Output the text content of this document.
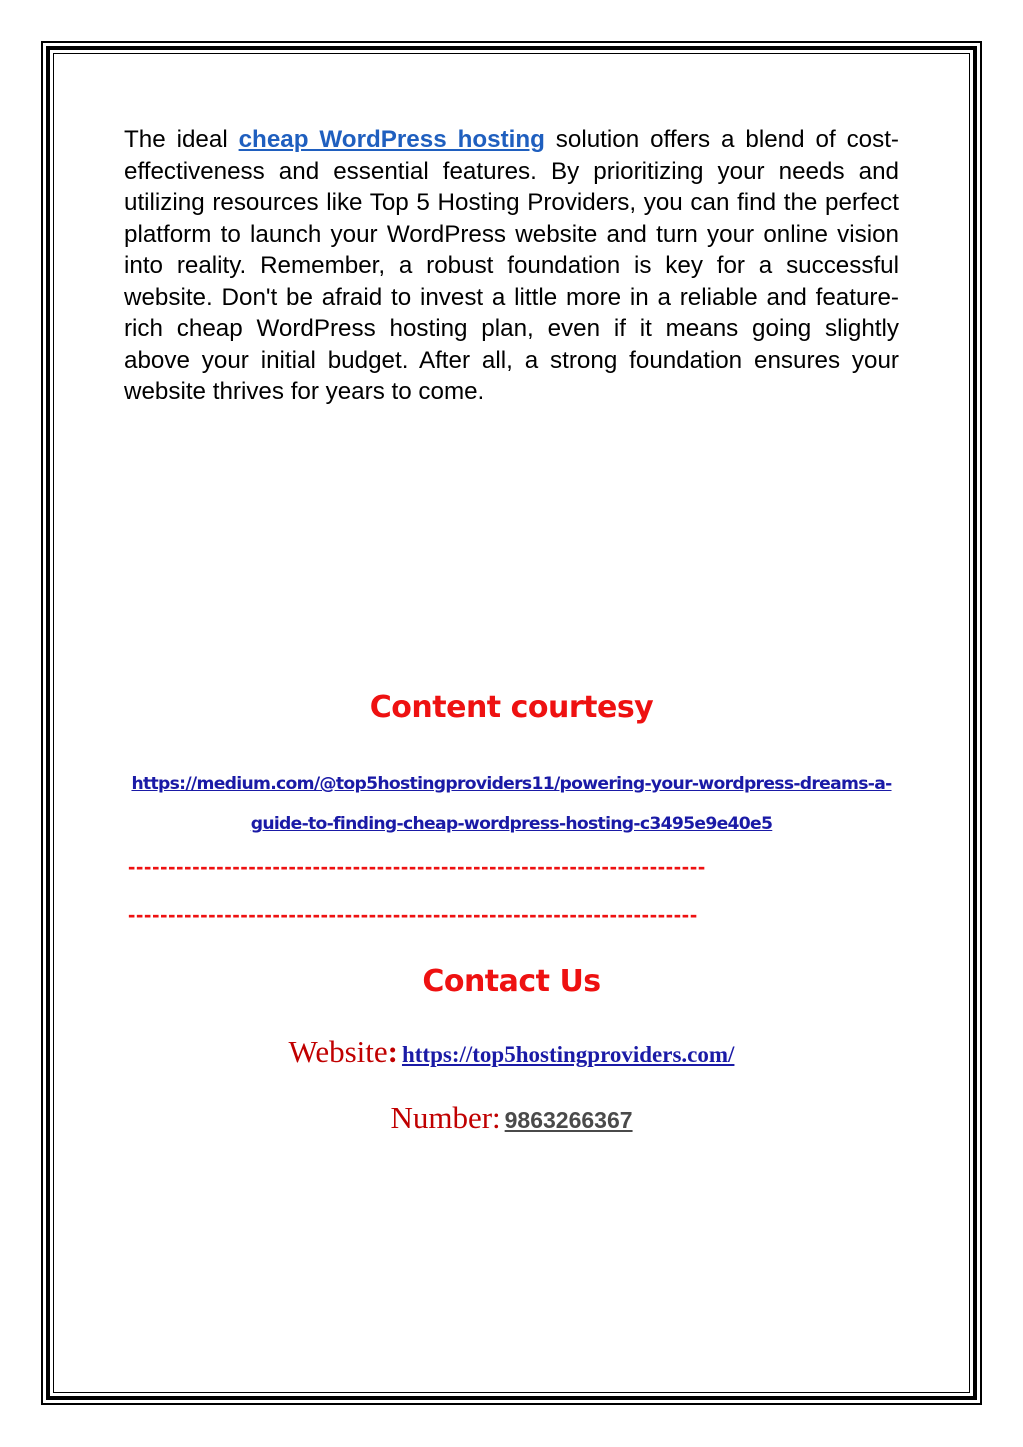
The ideal cheap WordPress hosting solution offers a blend of cost-effectiveness and essential features. By prioritizing your needs and utilizing resources like Top 5 Hosting Providers, you can find the perfect platform to launch your WordPress website and turn your online vision into reality. Remember, a robust foundation is key for a successful website. Don't be afraid to invest a little more in a reliable and feature-rich cheap WordPress hosting plan, even if it means going slightly above your initial budget. After all, a strong foundation ensures your website thrives for years to come.

Content courtesy
https://medium.com/@top5hostingproviders11/powering-your-wordpress-dreams-a-guide-to-finding-cheap-wordpress-hosting-c3495e9e40e5
------------------------------------------------------------------------
-----------------------------------------------------------------------
Contact Us

Website: https://top5hostingproviders.com/

Number: 9863266367
